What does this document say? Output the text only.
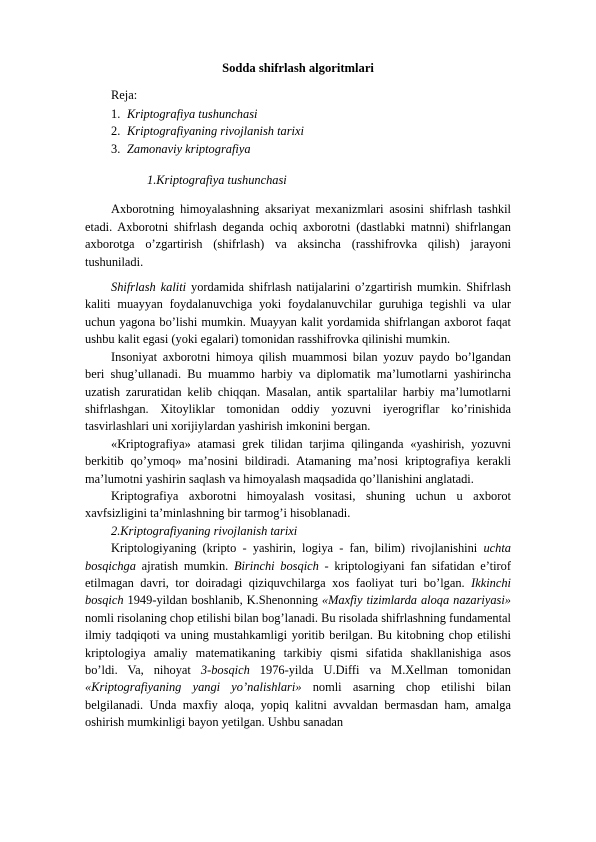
Sodda shifrlash algoritmlari
Reja:
1. Kriptografiya tushunchasi
2. Kriptografiyaning rivojlanish tarixi
3. Zamonaviy kriptografiya
1.Kriptografiya tushunchasi

Axborotning himoyalashning aksariyat mexanizmlari asosini shifrlash tashkil etadi. Axborotni shifrlash deganda ochiq axborotni (dastlabki matnni) shifrlangan axborotga o’zgartirish (shifrlash) va aksincha (rasshifrovka qilish) jarayoni tushuniladi.

Shifrlash kaliti yordamida shifrlash natijalarini o’zgartirish mumkin. Shifrlash kaliti muayyan foydalanuvchiga yoki foydalanuvchilar guruhiga tegishli va ular uchun yagona bo’lishi mumkin. Muayyan kalit yordamida shifrlangan axborot faqat ushbu kalit egasi (yoki egalari) tomonidan rasshifrovka qilinishi mumkin.

Insoniyat axborotni himoya qilish muammosi bilan yozuv paydo bo’lgandan beri shug’ullanadi. Bu muammo harbiy va diplomatik ma’lumotlarni yashirincha uzatish zaruratidan kelib chiqqan. Masalan, antik spartalilar harbiy ma’lumotlarni shifrlashgan. Xitoyliklar tomonidan oddiy yozuvni iyerogriflar ko’rinishida tasvirlashlari uni xorijiylardan yashirish imkonini bergan.

«Kriptografiya» atamasi grek tilidan tarjima qilinganda «yashirish, yozuvni berkitib qo’ymoq» ma’nosini bildiradi. Atamaning ma’nosi kriptografiya kerakli ma’lumotni yashirin saqlash va himoyalash maqsadida qo’llanishini anglatadi.

Kriptografiya axborotni himoyalash vositasi, shuning uchun u axborot xavfsizligini ta’minlashning bir tarmog’i hisoblanadi.

2.Kriptografiyaning rivojlanish tarixi

Kriptologiyaning (kripto - yashirin, logiya - fan, bilim) rivojlanishini uchta bosqichga ajratish mumkin. Birinchi bosqich - kriptologiyani fan sifatidan e’tirof etilmagan davri, tor doiradagi qiziquvchilarga xos faoliyat turi bo’lgan. Ikkinchi bosqich 1949-yildan boshlanib, K.Shenonning «Maxfiy tizimlarda aloqa nazariyasi» nomli risolaning chop etilishi bilan bog’lanadi. Bu risolada shifrlashning fundamental ilmiy tadqiqoti va uning mustahkamligi yoritib berilgan. Bu kitobning chop etilishi kriptologiya amaliy matematikaning tarkibiy qismi sifatida shakllanishiga asos bo’ldi. Va, nihoyat 3-bosqich 1976-yilda U.Diffi va M.Xellman tomonidan «Kriptografiyaning yangi yo’nalishlari» nomli asarning chop etilishi bilan belgilanadi. Unda maxfiy aloqa, yopiq kalitni avvaldan bermasdan ham, amalga oshirish mumkinligi bayon yetilgan. Ushbu sanadan
